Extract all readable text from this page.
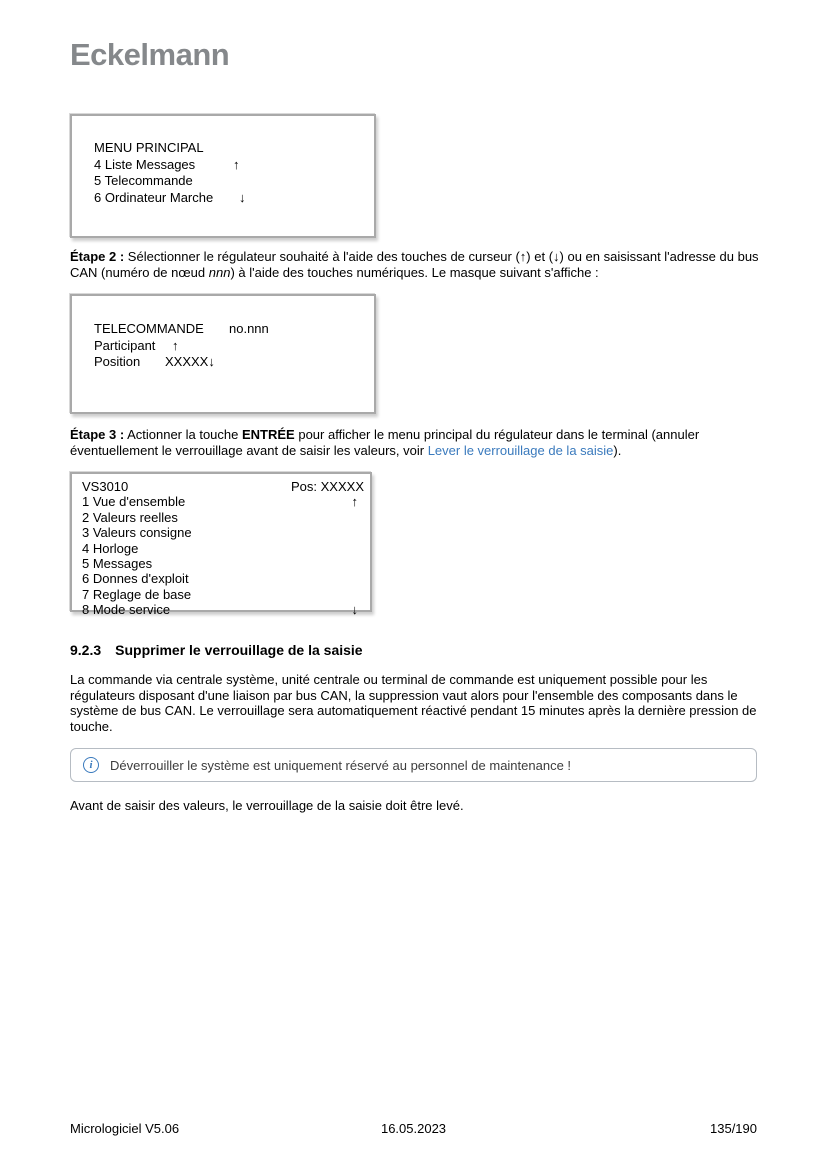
Eckelmann
MENU PRINCIPAL
4 Liste Messages	↑
5 Telecommande
6 Ordinateur Marche ↓

Étape 2 : Sélectionner le régulateur souhaité à l'aide des touches de curseur (↑) et (↓) ou en saisissant l'adresse du bus CAN (numéro de nœud nnn) à l'aide des touches numériques. Le masque suivant s'affiche :

TELECOMMANDE no.nnn
Participant ↑
Position XXXXX↓

Étape 3 : Actionner la touche ENTRÉE pour afficher le menu principal du régulateur dans le terminal (annuler éventuellement le verrouillage avant de saisir les valeurs, voir Lever le verrouillage de la saisie).

VS3010	Pos: XXXXX
1 Vue d'ensemble	↑
2 Valeurs reelles
3 Valeurs consigne
4 Horloge
5 Messages
6 Donnes d'exploit
7 Reglage de base
8 Mode service	↓
9.2.3 Supprimer le verrouillage de la saisie

La commande via centrale système, unité centrale ou terminal de commande est uniquement possible pour les régulateurs disposant d'une liaison par bus CAN, la suppression vaut alors pour l'ensemble des composants dans le système de bus CAN. Le verrouillage sera automatiquement réactivé pendant 15 minutes après la dernière pression de touche.

i	Déverrouiller le système est uniquement réservé au personnel de maintenance !

Avant de saisir des valeurs, le verrouillage de la saisie doit être levé.

Micrologiciel V5.06	16.05.2023	135/190
